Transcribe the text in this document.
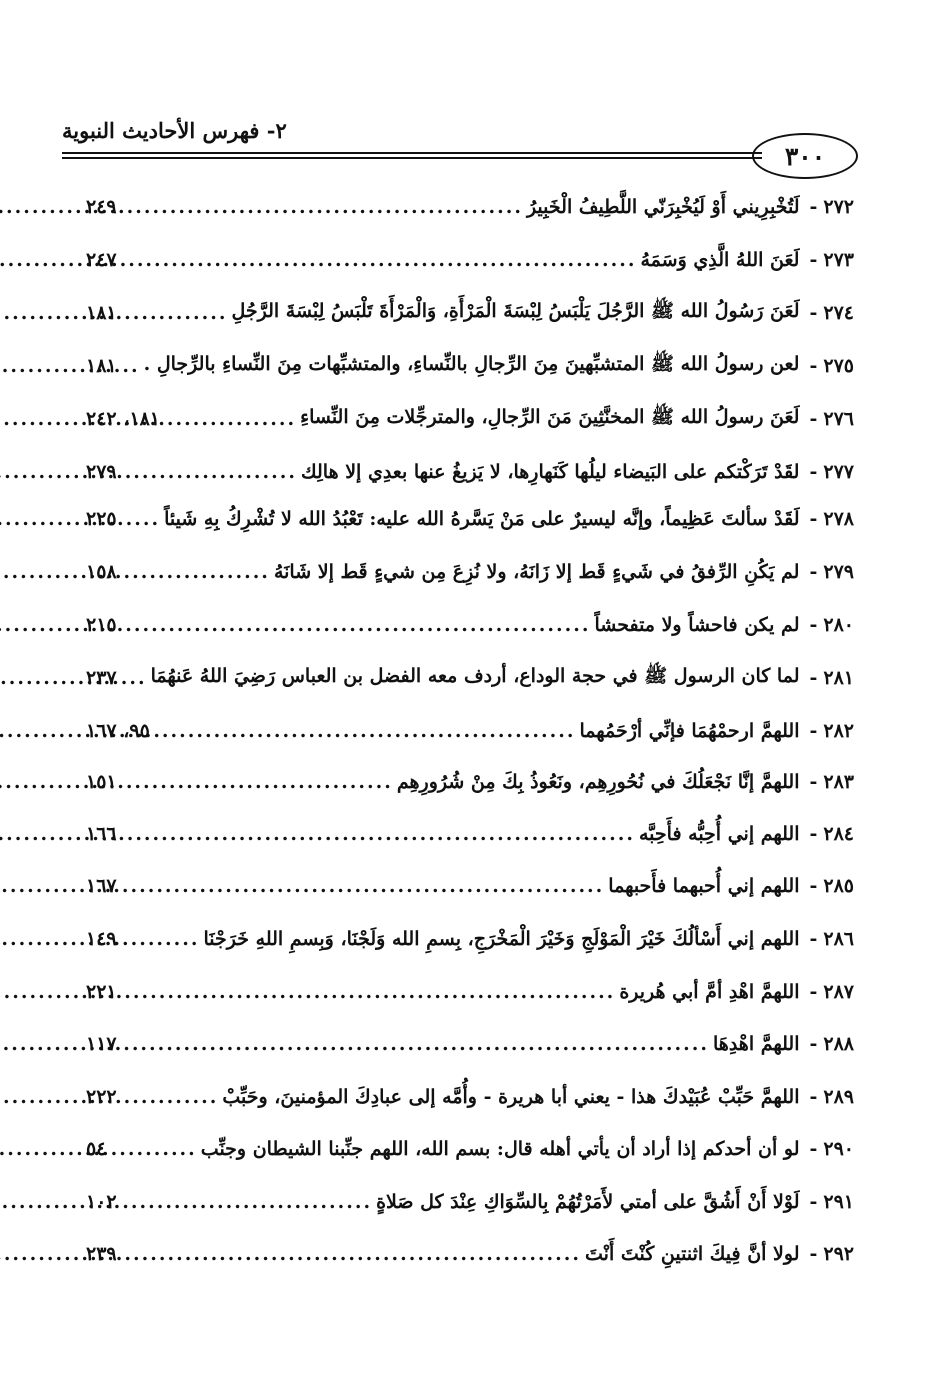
٣٠٠
٢- فهرس الأحاديث النبوية
٢٧٢
-
لَتُخْبِرِيني أَوْ لَيُخْبِرَنّي اللَّطِيفُ الْخَبِيرُ
.....
٢٤٩
٢٧٣
-
لَعَنَ اللهُ الَّذِي وَسَمَهُ
.....
٢٤٧
٢٧٤
-
لَعَنَ رَسُولُ الله ﷺ الرَّجُلَ يَلْبَسُ لِبْسَةَ الْمَرْأَةِ، وَالْمَرْأَةَ تَلْبَسُ لِبْسَةَ الرَّجُلِ
.....
١٨١
٢٧٥
-
لعن رسولُ الله ﷺ المتشبِّهينَ مِنَ الرِّجالِ بالنِّساءِ، والمتشبِّهات مِنَ النِّساءِ بالرِّجالِ .
.....
١٨١
٢٧٦
-
لَعَنَ رسولُ الله ﷺ المخنَّثِينَ مَنَ الرِّجالِ، والمترجِّلات مِنَ النِّساءِ
.....
١٨١، ٢٤٢
٢٧٧
-
لقَدْ تَرَكْتكم على البَيضاء ليلُها كَنَهارِها، لا يَزيغُ عنها بعدِي إلا هالِك
.....
٢٧٩
٢٧٨
-
لَقَدْ سألتَ عَظِيماً، وإنَّه ليسيرٌ على مَنْ يَسَّرهُ الله عليه: تَعْبُدُ الله لا تُشْرِكُ بِهِ شَيئاً
.....
٢٢٥
٢٧٩
-
لم يَكُنِ الرِّفقُ في شَيءٍ قَط إلا زَانَهُ، ولا نُزِعَ مِن شيءٍ قَط إلا شَانَهُ
.....
١٥٨
٢٨٠
-
لم يكن فاحشاً ولا متفحشاً
.....
٢١٥
٢٨١
-
لما كان الرسول ﷺ في حجة الوداع، أردف معه الفضل بن العباس رَضِيَ اللهُ عَنهُمَا
.....
٢٣٧
٢٨٢
-
اللهمَّ ارحمْهُمَا فإنِّي أرْحَمُهما
.....
٩٥، ١٦٧
٢٨٣
-
اللهمَّ إنَّا نَجْعَلُكَ في نُحُورِهِم، ونَعُوذُ بِكَ مِنْ شُرُورِهِم
.....
١٥١
٢٨٤
-
اللهم إني أُحِبُّه فأَحِبَّه
.....
١٦٦
٢٨٥
-
اللهم إني أُحبهما فأَحبهما
.....
١٦٧
٢٨٦
-
اللهم إني أَسْألُكَ خَيْرَ الْمَوْلَجِ وَخَيْرَ الْمَخْرَجِ، بِسمِ الله وَلَجْنَا، وَبِسمِ اللهِ خَرَجْنَا
.....
١٤٩
٢٨٧
-
اللهمَّ اهْدِ أمَّ أبي هُريرة
.....
٢٢١
٢٨٨
-
اللهمَّ اهْدِهَا
.....
١١٧
٢٨٩
-
اللهمَّ حَبِّبْ عُبَيْدكَ هذا - يعني أبا هريرة - وأُمَّه إلى عبادِكَ المؤمنينَ، وحَبِّبْ
.....
٢٢٢
٢٩٠
-
لو أن أحدكم إذا أراد أن يأتي أهله قال: بسم الله، اللهم جنِّبنا الشيطان وجنِّب
.....
٥٤
٢٩١
-
لَوْلا أَنْ أَشُقَّ على أمتي لأَمَرْتُهُمْ بِالسِّوَاكِ عِنْدَ كل صَلاةٍ
.....
١٠٢
٢٩٢
-
لولا أنَّ فِيكَ اثنتينِ كُنْتَ أَنْتَ
.....
٢٣٩
